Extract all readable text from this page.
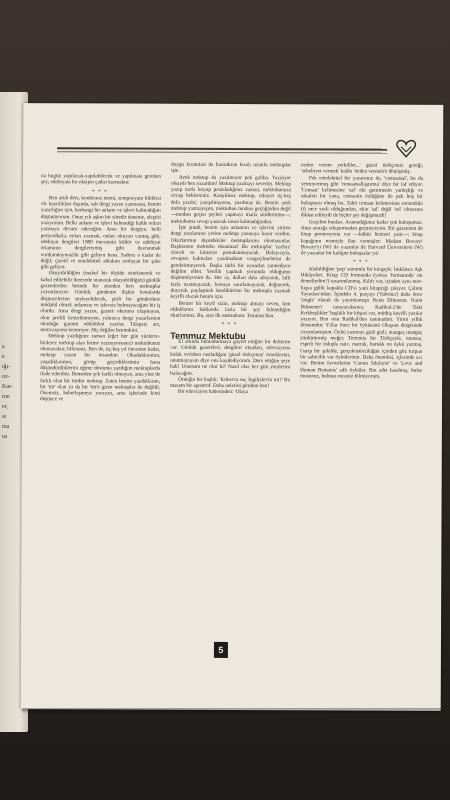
a
e
ığı-
oz-
Kar-
rne
er,
ıe
ma
us

na bugün yapılacak-yapılabilecek ve yapılması gereken şey; edebiyata bir oksijen çadırı kurmaktır.

***

Ben artık ders, konferans metni, sempozyum bildirisi vb. hazırlıkları dışında, salt dergi yazısı yazmanın, benim yazarlığım için, herhangi bir anlamı ve işlevi kalmadığını düşünüyorum. Onuz yılı aşkın bir süredir deneme, eleştiri yazıyorum. Belki anlamı ve işlevi kalmadığı halde onları yazmaya devam edeceğim. Ama bir dergiye, belli periyodlarla, onları yazmak, onları okuyan varmış gibi, edebiyat dergileri 1980 öncesinin kültür ve edebiyat ortamının dergileriymiş gibi davranmak vurdumduymazlık gibi geliyor bana. Sadece o kadar da değil; çizoid ve entelektüel ahlakını zorlayan bir şaka gibi geliyor.

Okuyabildiğim (makul bir ölçüde sinirlenerek ve kabul edilebilir derecede utanarak okuyabildiğim) günlük gazetelerden birinde bir süreden beri mektuplar yayımlanıyor. Günlük, gündeme ilişkin konularda düşüncelerimi söyleyebilecek, şiirli bir gönderilere müdahil olmak anlamsız ve işlevsiz bulmayacağım bir iş olurdu. Ama dergi yazısı, gazete okuruna ulaşmayan, okur profili kestirilemeyen, yalnızca dergi yazarlarının okuduğu garanti edilebilen yazılar. Talepsiz arz, motivasyonu kemiriyor. Hiç değilse benimkini.

Mektup yazdığınız zaman (eğer her gün yüzlerce-binlerce mektup alan birine yazmıyorsanız) mektubunuz okunacaktır, bilirsiniz. Ben de, üç-beş yıl öncesine kadar, mektup yazan bir insandım. Okuduklarımın, yaşadıklarımın, görüp geçirdiklerimin bana düşündürdüklerini eğime dostuma yazdığım mektuplarda ifade ederdim. Demeden çok farklı olmayan, ama yine de farklı olan bir türdür mektup. Zaten benim yazdıklarım, bir 'tür' olan ya da bir 'tür'e giren mektuplar da değildi. Önemsiz, haberleşmeye yarayan, ama işlerinde kimi düşünce ve

duygu kırıntıları da barındıran kısalı uzunlu mektuplar işte.

Artık mektup da yazılmıyor pek galiba. Yazılıyor olsaydı ben yazardım! Mektup yazmayı severim. Mektup yazıp zarfa koyup postaladığınız zaman, mektubunuza cevap beklersiniz. Karşılıksız mektup, nihayet üç-beş defa yazılır; yazışılmıyorsa, yazılmaz da. Benim artık mektup yazmayışım, mektubun modası geçtiğinden değil —modası geçen şeyleri yapmayı matla sürdürürüm—; mektubuma cevap yazacak insan kalmadığından.

İşte şimdi, benim için anlamını ve işlevini yitiren dergi yazılarının yerine mektup yazmaya karar verdim. Okurlarımın dışındakiler mektuplarımı okumasınlar. Başkasının mektubu okunmaz! Bu mektuplar 'zarfsız' olacak ve kimseye postalanmayacak. Dolayısıyla, cevapsız kalmaları yazılmaktan vazgeçilmelerini de gerektirmeyecek. Başka türlü bir oyundan zannediyor değilim elbet. Yenilik yapmak yorumda olduğumu düşünmüyorum da. Her ay, dalları dala atlayarak, laflı fazla uzatmayarak, konuyu sınırlamayarak, değinerek, duyarak, paylaşmak istediklerimi bir mektupla yazmak keyifli olacak benim için.

Benzer bir keyif sizin, mektup almayı seven, kim olduklarını hakkında fazla bir şey bilmediğim okurlarımız. Bu, size ilk mektubum. Temmuz'dan.

***

Temmuz Mektubu

El altında bulundurmaya gayret ettiğim bir defterim var. Günlük gazeteleri, dergileri okurken, televizyona kulak verirken rastladığım 'güzel türkçemiz' örneklerini, unutmayayım diye ona kaydediyorum. Ders ettiğim şeye bak! Unutsam ne olur ki? Nasıl olsa her gün yenilerini bulacağım.

Örneğin bir başlık: 'Kıbrıs'ta suç İngilizler'in mi?' Bu masum bir apostrof. Daha nelerini gördüm ben!

Bir televizyon haberinden: 'Olaya

neden verem yetkililer...' güzel türkçemiz gereği, 'sebebiyet vermek' kalıbı 'neden vermek'e dönüşmüş.

Pek entelektüel bir yazarımız da, 'cemaatsal', bu da yetmiyormuş gibi 'cemaatsallaştırma' diye bir laf ediyor. 'Cemaat' kelimesine 'sal' eki getirmenin yanlışlığı ve sakaleti bir yana, cemaatin özlüğüne ile pek hoş bir buluşması olmuş bu. Tabii cemaat kelimesinin sonundaki (t) ince sesli olduğundan, ekin 'sal' değil 'sel' olmasına dikkat edileydi de hiçbir şey değişmezdi!

Geçelim bunları. Aramadığımız kadar çok buluşumuz. Ama aracığa sıkıştırmadan geçmeyeyim: Bir gazetenin de kitap promosyonu var —kültür hizmeti yani—; kitap kapağının resmiyle ilan vermişler: Madam Bovary! Bovary'yi (W) ile yazanlar ile Harvard Üniversitesi (W) ile yazanlar bir kulüpte buluşsalar ya!

***

Alabildiğine 'pop' sunumlu bir kitapçık: İmkânsız Aşk Hikâyeleri. Kitap CD formunda (yoksa 'formatında' mı demeliydim?) tasarımlanmış. Kılıfı var, içinden aynı mor-fuşya güllü kapakla CD'si yani kitapçığı çıkıyor. Çalıntı Yayınları'ndan. İçindeki 4. parçayı ('Sabrina') daha önce 'single' olarak da yayımlamıştı Naim Dilmener. Naim Dilmener'i tanıyacaksınız; Radikal-2'de 'Eski Kırkbeşlikler' başlıklı bir köşesi var, müthiş keyifli yazılar yazıyor. Ben onu Radikal'den tanımadım. Yirmi yıllık dostumdur. Yıllar önce bir öyküsünü Oluşum dergisinde yayımlamıştım. Öykü yazmayı gizli gizli, utangaç utangaç sürdürürmüş meğer. Tertemiz bir Türkçeyle, mutsuz, esprili bir üslupla naiv, matrak, burukk on öykü yazmış. Garip bir şekilde, gerçeküstücülüğün içinden göz kırpan bir sahicilik var öykülerinin. Daha önemlisi, içlerinde acı var. Benim favorilerim 'Canım Sıkılıyor' ve 'Love and Human Remains' adlı öyküler. Bin adet basılmış; bulur musunuz, bulmaz mısınız bilmiyorum,

5
